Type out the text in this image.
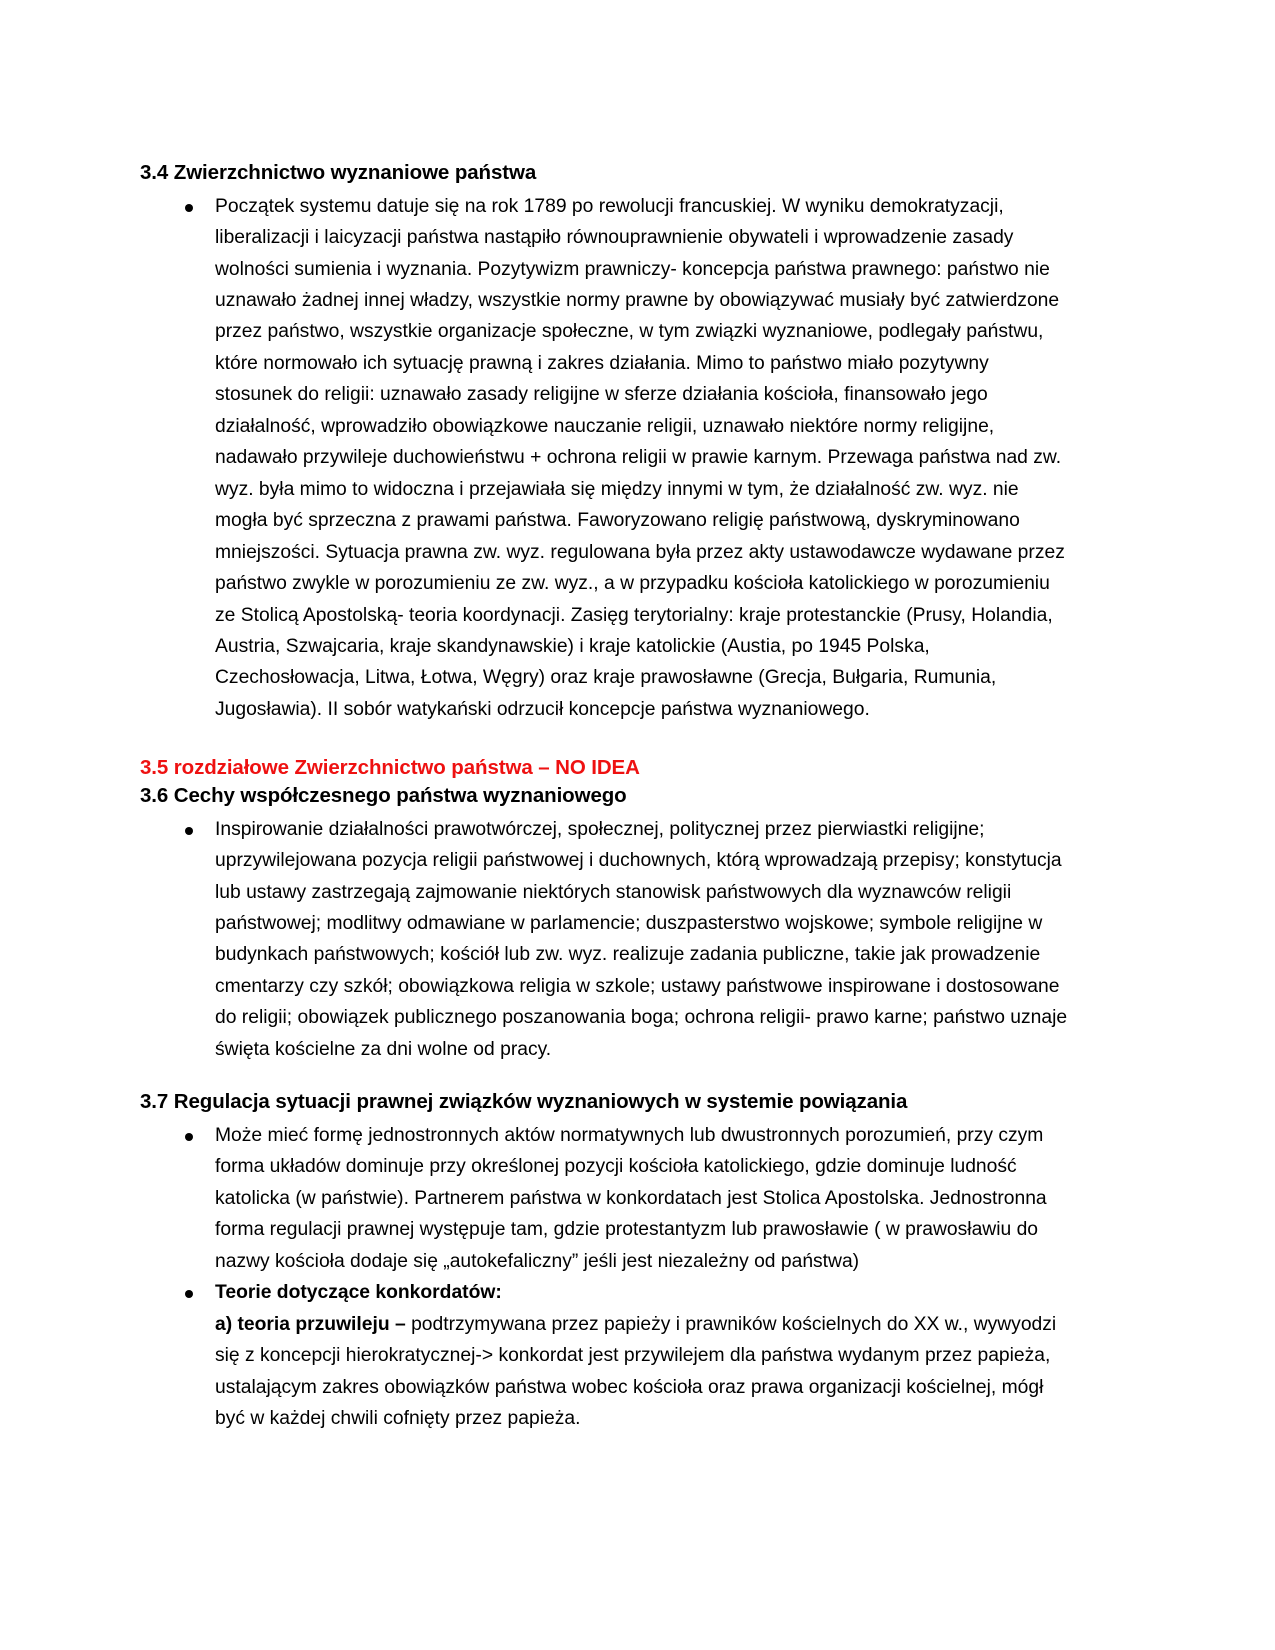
3.4 Zwierzchnictwo wyznaniowe państwa
Początek systemu datuje się na rok 1789 po rewolucji francuskiej. W wyniku demokratyzacji, liberalizacji i laicyzacji państwa nastąpiło równouprawnienie obywateli i wprowadzenie zasady wolności sumienia i wyznania. Pozytywizm prawniczy- koncepcja państwa prawnego: państwo nie uznawało żadnej innej władzy, wszystkie normy prawne by obowiązywać musiały być zatwierdzone przez państwo, wszystkie organizacje społeczne, w tym związki wyznaniowe, podlegały państwu, które normowało ich sytuację prawną i zakres działania. Mimo to państwo miało pozytywny stosunek do religii: uznawało zasady religijne w sferze działania kościoła, finansowało jego działalność, wprowadziło obowiązkowe nauczanie religii, uznawało niektóre normy religijne, nadawało przywileje duchowieństwu + ochrona religii w prawie karnym. Przewaga państwa nad zw. wyz. była mimo to widoczna i przejawiała się między innymi w tym, że działalność zw. wyz. nie mogła być sprzeczna z prawami państwa. Faworyzowano religię państwową, dyskryminowano mniejszości. Sytuacja prawna zw. wyz. regulowana była przez akty ustawodawcze wydawane przez państwo zwykle w porozumieniu ze zw. wyz., a w przypadku kościoła katolickiego w porozumieniu ze Stolicą Apostolską- teoria koordynacji. Zasięg terytorialny: kraje protestanckie (Prusy, Holandia, Austria, Szwajcaria, kraje skandynawskie) i kraje katolickie (Austia, po 1945 Polska, Czechosłowacja, Litwa, Łotwa, Węgry) oraz kraje prawosławne (Grecja, Bułgaria, Rumunia, Jugosławia). II sobór watykański odrzucił koncepcje państwa wyznaniowego.
3.5 rozdziałowe Zwierzchnictwo państwa – NO IDEA
3.6 Cechy współczesnego państwa wyznaniowego
Inspirowanie działalności prawotwórczej, społecznej, politycznej przez pierwiastki religijne; uprzywilejowana pozycja religii państwowej i duchownych, którą wprowadzają przepisy; konstytucja lub ustawy zastrzegają zajmowanie niektórych stanowisk państwowych dla wyznawców religii państwowej; modlitwy odmawiane w parlamencie; duszpasterstwo wojskowe; symbole religijne w budynkach państwowych; kościół lub zw. wyz. realizuje zadania publiczne, takie jak prowadzenie cmentarzy czy szkół; obowiązkowa religia w szkole; ustawy państwowe inspirowane i dostosowane do religii; obowiązek publicznego poszanowania boga; ochrona religii- prawo karne; państwo uznaje święta kościelne za dni wolne od pracy.
3.7 Regulacja sytuacji prawnej związków wyznaniowych w systemie powiązania
Może mieć formę jednostronnych aktów normatywnych lub dwustronnych porozumień, przy czym forma układów dominuje przy określonej pozycji kościoła katolickiego, gdzie dominuje ludność katolicka (w państwie). Partnerem państwa w konkordatach jest Stolica Apostolska. Jednostronna forma regulacji prawnej występuje tam, gdzie protestantyzm lub prawosławie ( w prawosławiu do nazwy kościoła dodaje się „autokefaliczny” jeśli jest niezależny od państwa)
Teorie dotyczące konkordatów:
a) teoria przuwileju – podtrzymywana przez papieży i prawników kościelnych do XX w., wywyodzi się z koncepcji hierokratycznej-> konkordat jest przywilejem dla państwa wydanym przez papieża, ustalającym zakres obowiązków państwa wobec kościoła oraz prawa organizacji kościelnej, mógł być w każdej chwili cofnięty przez papieża.
